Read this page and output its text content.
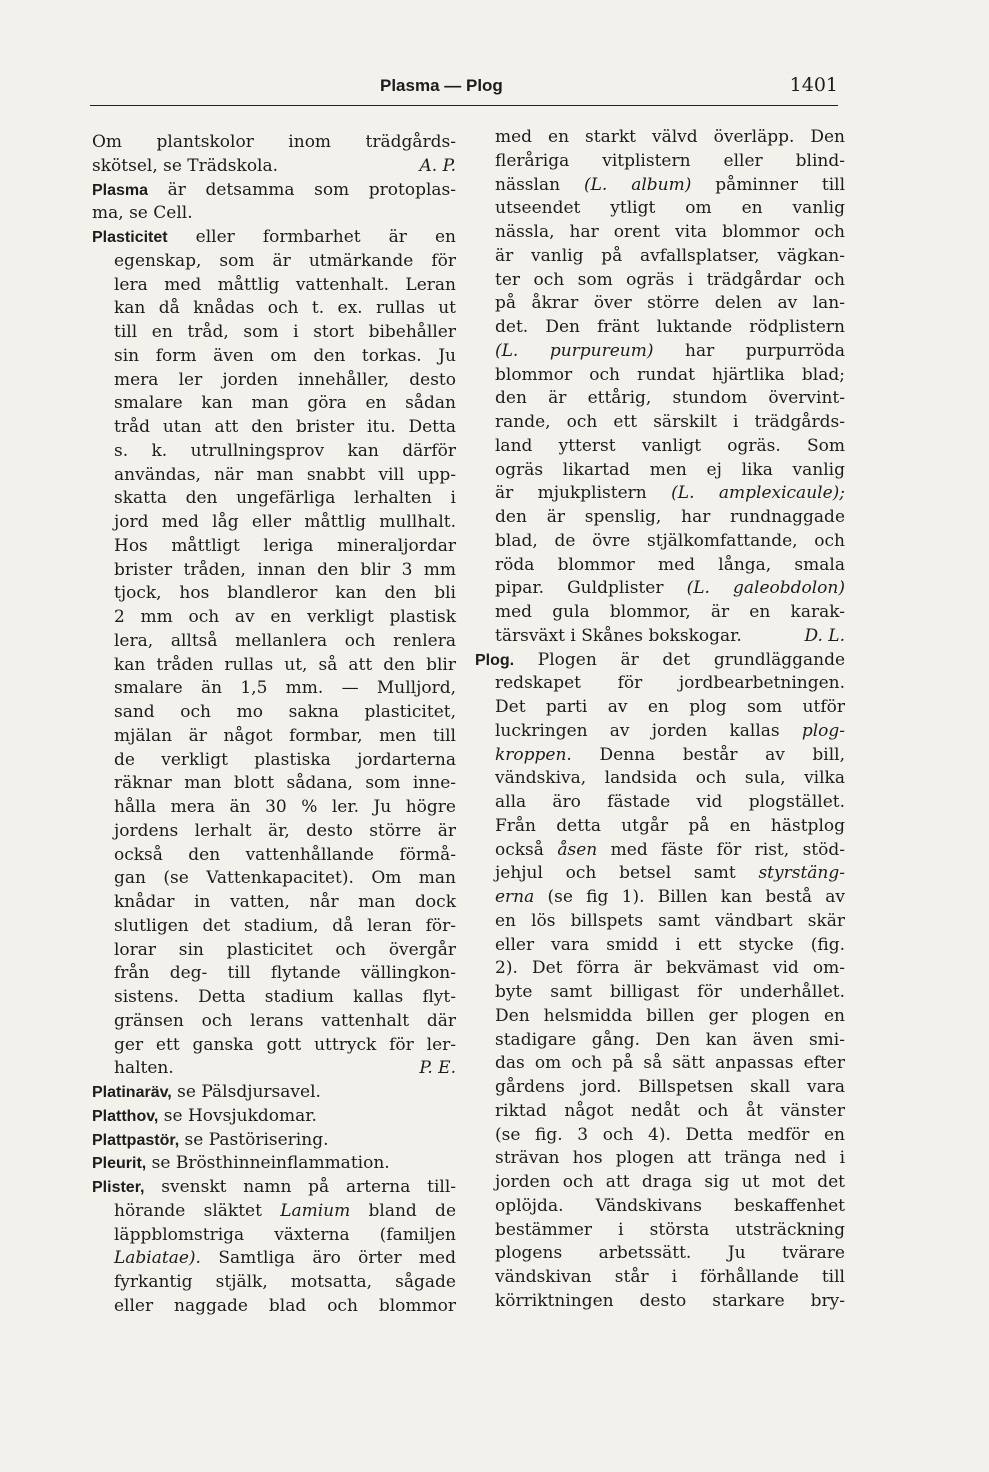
Plasma — Plog	1401
Om plantskolor inom trädgårds-
skötsel, se Trädskola.	A. P.
Plasma är detsamma som protoplas-
ma, se Cell.
Plasticitet eller formbarhet är en
egenskap, som är utmärkande för
lera med måttlig vattenhalt. Leran
kan då knådas och t. ex. rullas ut
till en tråd, som i stort bibehåller
sin form även om den torkas. Ju
mera ler jorden innehåller, desto
smalare kan man göra en sådan
tråd utan att den brister itu. Detta
s. k. utrullningsprov kan därför
användas, när man snabbt vill upp-
skatta den ungefärliga lerhalten i
jord med låg eller måttlig mullhalt.
Hos måttligt leriga mineraljordar
brister tråden, innan den blir 3 mm
tjock, hos blandleror kan den bli
2 mm och av en verkligt plastisk
lera, alltså mellanlera och renlera
kan tråden rullas ut, så att den blir
smalare än 1,5 mm. — Mulljord,
sand och mo sakna plasticitet,
mjälan är något formbar, men till
de verkligt plastiska jordarterna
räknar man blott sådana, som inne-
hålla mera än 30 % ler. Ju högre
jordens lerhalt är, desto större är
också den vattenhållande förmå-
gan (se Vattenkapacitet). Om man
knådar in vatten, når man dock
slutligen det stadium, då leran för-
lorar sin plasticitet och övergår
från deg- till flytande vällingkon-
sistens. Detta stadium kallas flyt-
gränsen och lerans vattenhalt där
ger ett ganska gott uttryck för ler-
halten.	P. E.
Platinaräv,
se Pälsdjursavel.
Platthov,
se Hovsjukdomar.
Plattpastör,
se Pastörisering.
Pleurit,
se Brösthinneinflammation.
Plister, svenskt namn på arterna till-
hörande släktet Lamium bland de
läppblomstriga växterna (familjen
Labiatae). Samtliga äro örter med
fyrkantig stjälk, motsatta, sågade
eller naggade blad och blommor
med en starkt välvd överläpp. Den
fleråriga vitplistern eller blind-
nässlan (L. album) påminner till
utseendet ytligt om en vanlig
nässla, har orent vita blommor och
är vanlig på avfallsplatser, vägkan-
ter och som ogräs i trädgårdar och
på åkrar över större delen av lan-
det. Den fränt luktande rödplistern
(L. purpureum) har purpurröda
blommor och rundat hjärtlika blad;
den är ettårig, stundom övervint-
rande, och ett särskilt i trädgårds-
land ytterst vanligt ogräs. Som
ogräs likartad men ej lika vanlig
är mjukplistern (L. amplexicaule);
den är spenslig, har rundnaggade
blad, de övre stjälkomfattande, och
röda blommor med långa, smala
pipar. Guldplister (L. galeobdolon)
med gula blommor, är en karak-
tärsväxt i Skånes bokskogar.	D. L.
Plog. Plogen är det grundläggande
redskapet för jordbearbetningen.
Det parti av en plog som utför
luckringen av jorden kallas plog-
kroppen. Denna består av bill,
vändskiva, landsida och sula, vilka
alla äro fästade vid plogstället.
Från detta utgår på en hästplog
också åsen med fäste för rist, stöd-
jehjul och betsel samt styrstäng-
erna (se fig 1). Billen kan bestå av
en lös billspets samt vändbart skär
eller vara smidd i ett stycke (fig.
2). Det förra är bekvämast vid om-
byte samt billigast för underhållet.
Den helsmidda billen ger plogen en
stadigare gång. Den kan även smi-
das om och på så sätt anpassas efter
gårdens jord. Billspetsen skall vara
riktad något nedåt och åt vänster
(se fig. 3 och 4). Detta medför en
strävan hos plogen att tränga ned i
jorden och att draga sig ut mot det
oplöjda. Vändskivans beskaffenhet
bestämmer i största utsträckning
plogens arbetssätt. Ju tvärare
vändskivan står i förhållande till
körriktningen desto starkare bry-
